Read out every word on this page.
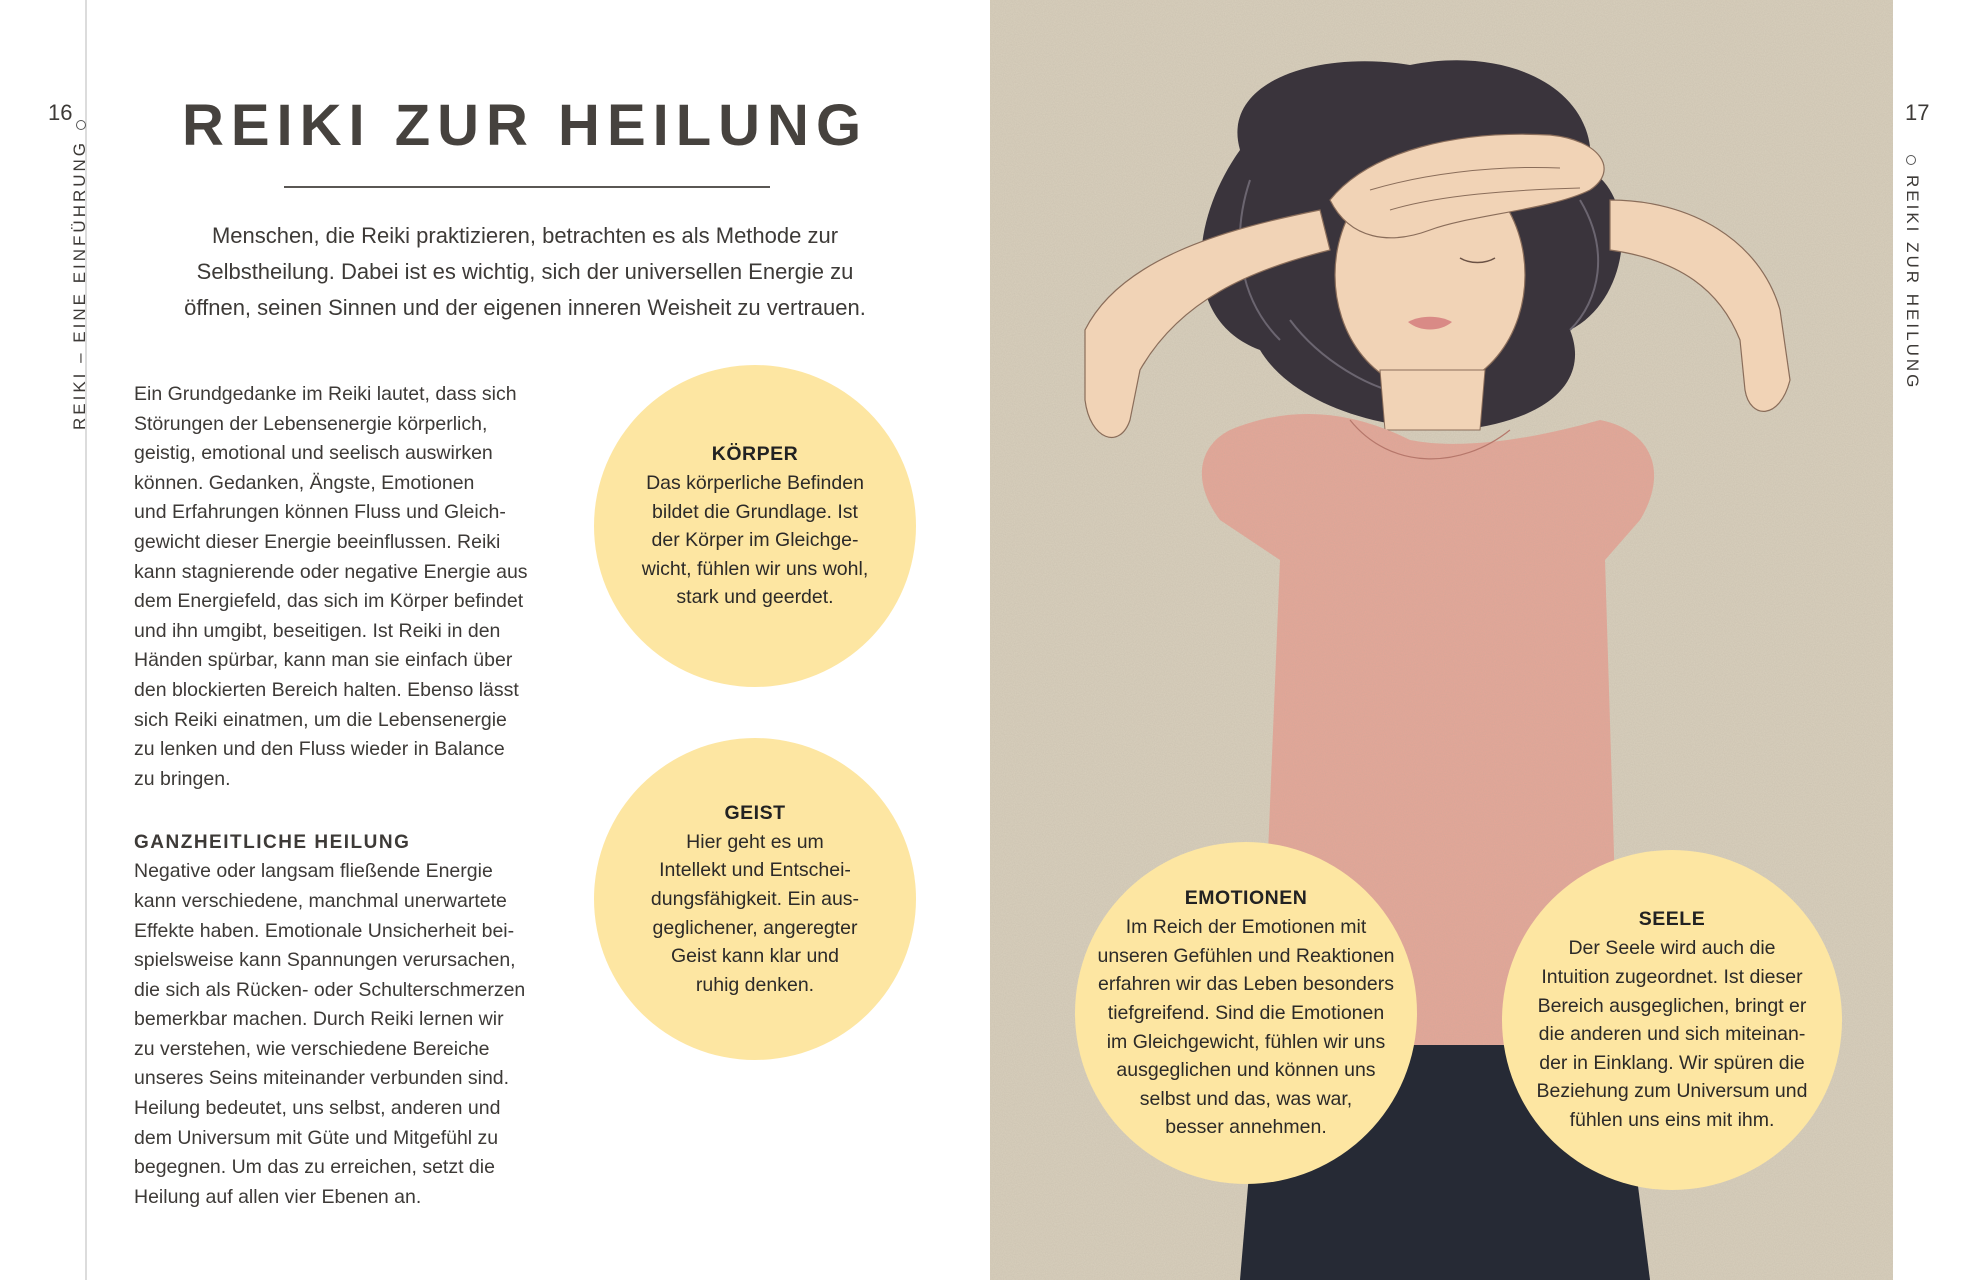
16
REIKI – EINE EINFÜHRUNG
REIKI ZUR HEILUNG

Menschen, die Reiki praktizieren, betrachten es als Methode zur
Selbstheilung. Dabei ist es wichtig, sich der universellen Energie zu
öffnen, seinen Sinnen und der eigenen inneren Weisheit zu vertrauen.

Ein Grundgedanke im Reiki lautet, dass sich
Störungen der Lebensenergie körperlich,
geistig, emotional und seelisch auswirken
können. Gedanken, Ängste, Emotionen
und Erfahrungen können Fluss und Gleich-
gewicht dieser Energie beeinflussen. Reiki
kann stagnierende oder negative Energie aus
dem Energiefeld, das sich im Körper befindet
und ihn umgibt, beseitigen. Ist Reiki in den
Händen spürbar, kann man sie einfach über
den blockierten Bereich halten. Ebenso lässt
sich Reiki einatmen, um die Lebensenergie
zu lenken und den Fluss wieder in Balance
zu bringen.

GANZHEITLICHE HEILUNG

Negative oder langsam fließende Energie
kann verschiedene, manchmal unerwartete
Effekte haben. Emotionale Unsicherheit bei-
spielsweise kann Spannungen verursachen,
die sich als Rücken- oder Schulterschmerzen
bemerkbar machen. Durch Reiki lernen wir
zu verstehen, wie verschiedene Bereiche
unseres Seins miteinander verbunden sind.
Heilung bedeutet, uns selbst, anderen und
dem Universum mit Güte und Mitgefühl zu
begegnen. Um das zu erreichen, setzt die
Heilung auf allen vier Ebenen an.

KÖRPER
Das körperliche Befinden
bildet die Grundlage. Ist
der Körper im Gleichge-
wicht, fühlen wir uns wohl,
stark und geerdet.
GEIST
Hier geht es um
Intellekt und Entschei-
dungsfähigkeit. Ein aus-
geglichener, angeregter
Geist kann klar und
ruhig denken.
EMOTIONEN
Im Reich der Emotionen mit
unseren Gefühlen und Reaktionen
erfahren wir das Leben besonders
tiefgreifend. Sind die Emotionen
im Gleichgewicht, fühlen wir uns
ausgeglichen und können uns
selbst und das, was war,
besser annehmen.
SEELE
Der Seele wird auch die
Intuition zugeordnet. Ist dieser
Bereich ausgeglichen, bringt er
die anderen und sich miteinan-
der in Einklang. Wir spüren die
Beziehung zum Universum und
fühlen uns eins mit ihm.
17
REIKI ZUR HEILUNG
